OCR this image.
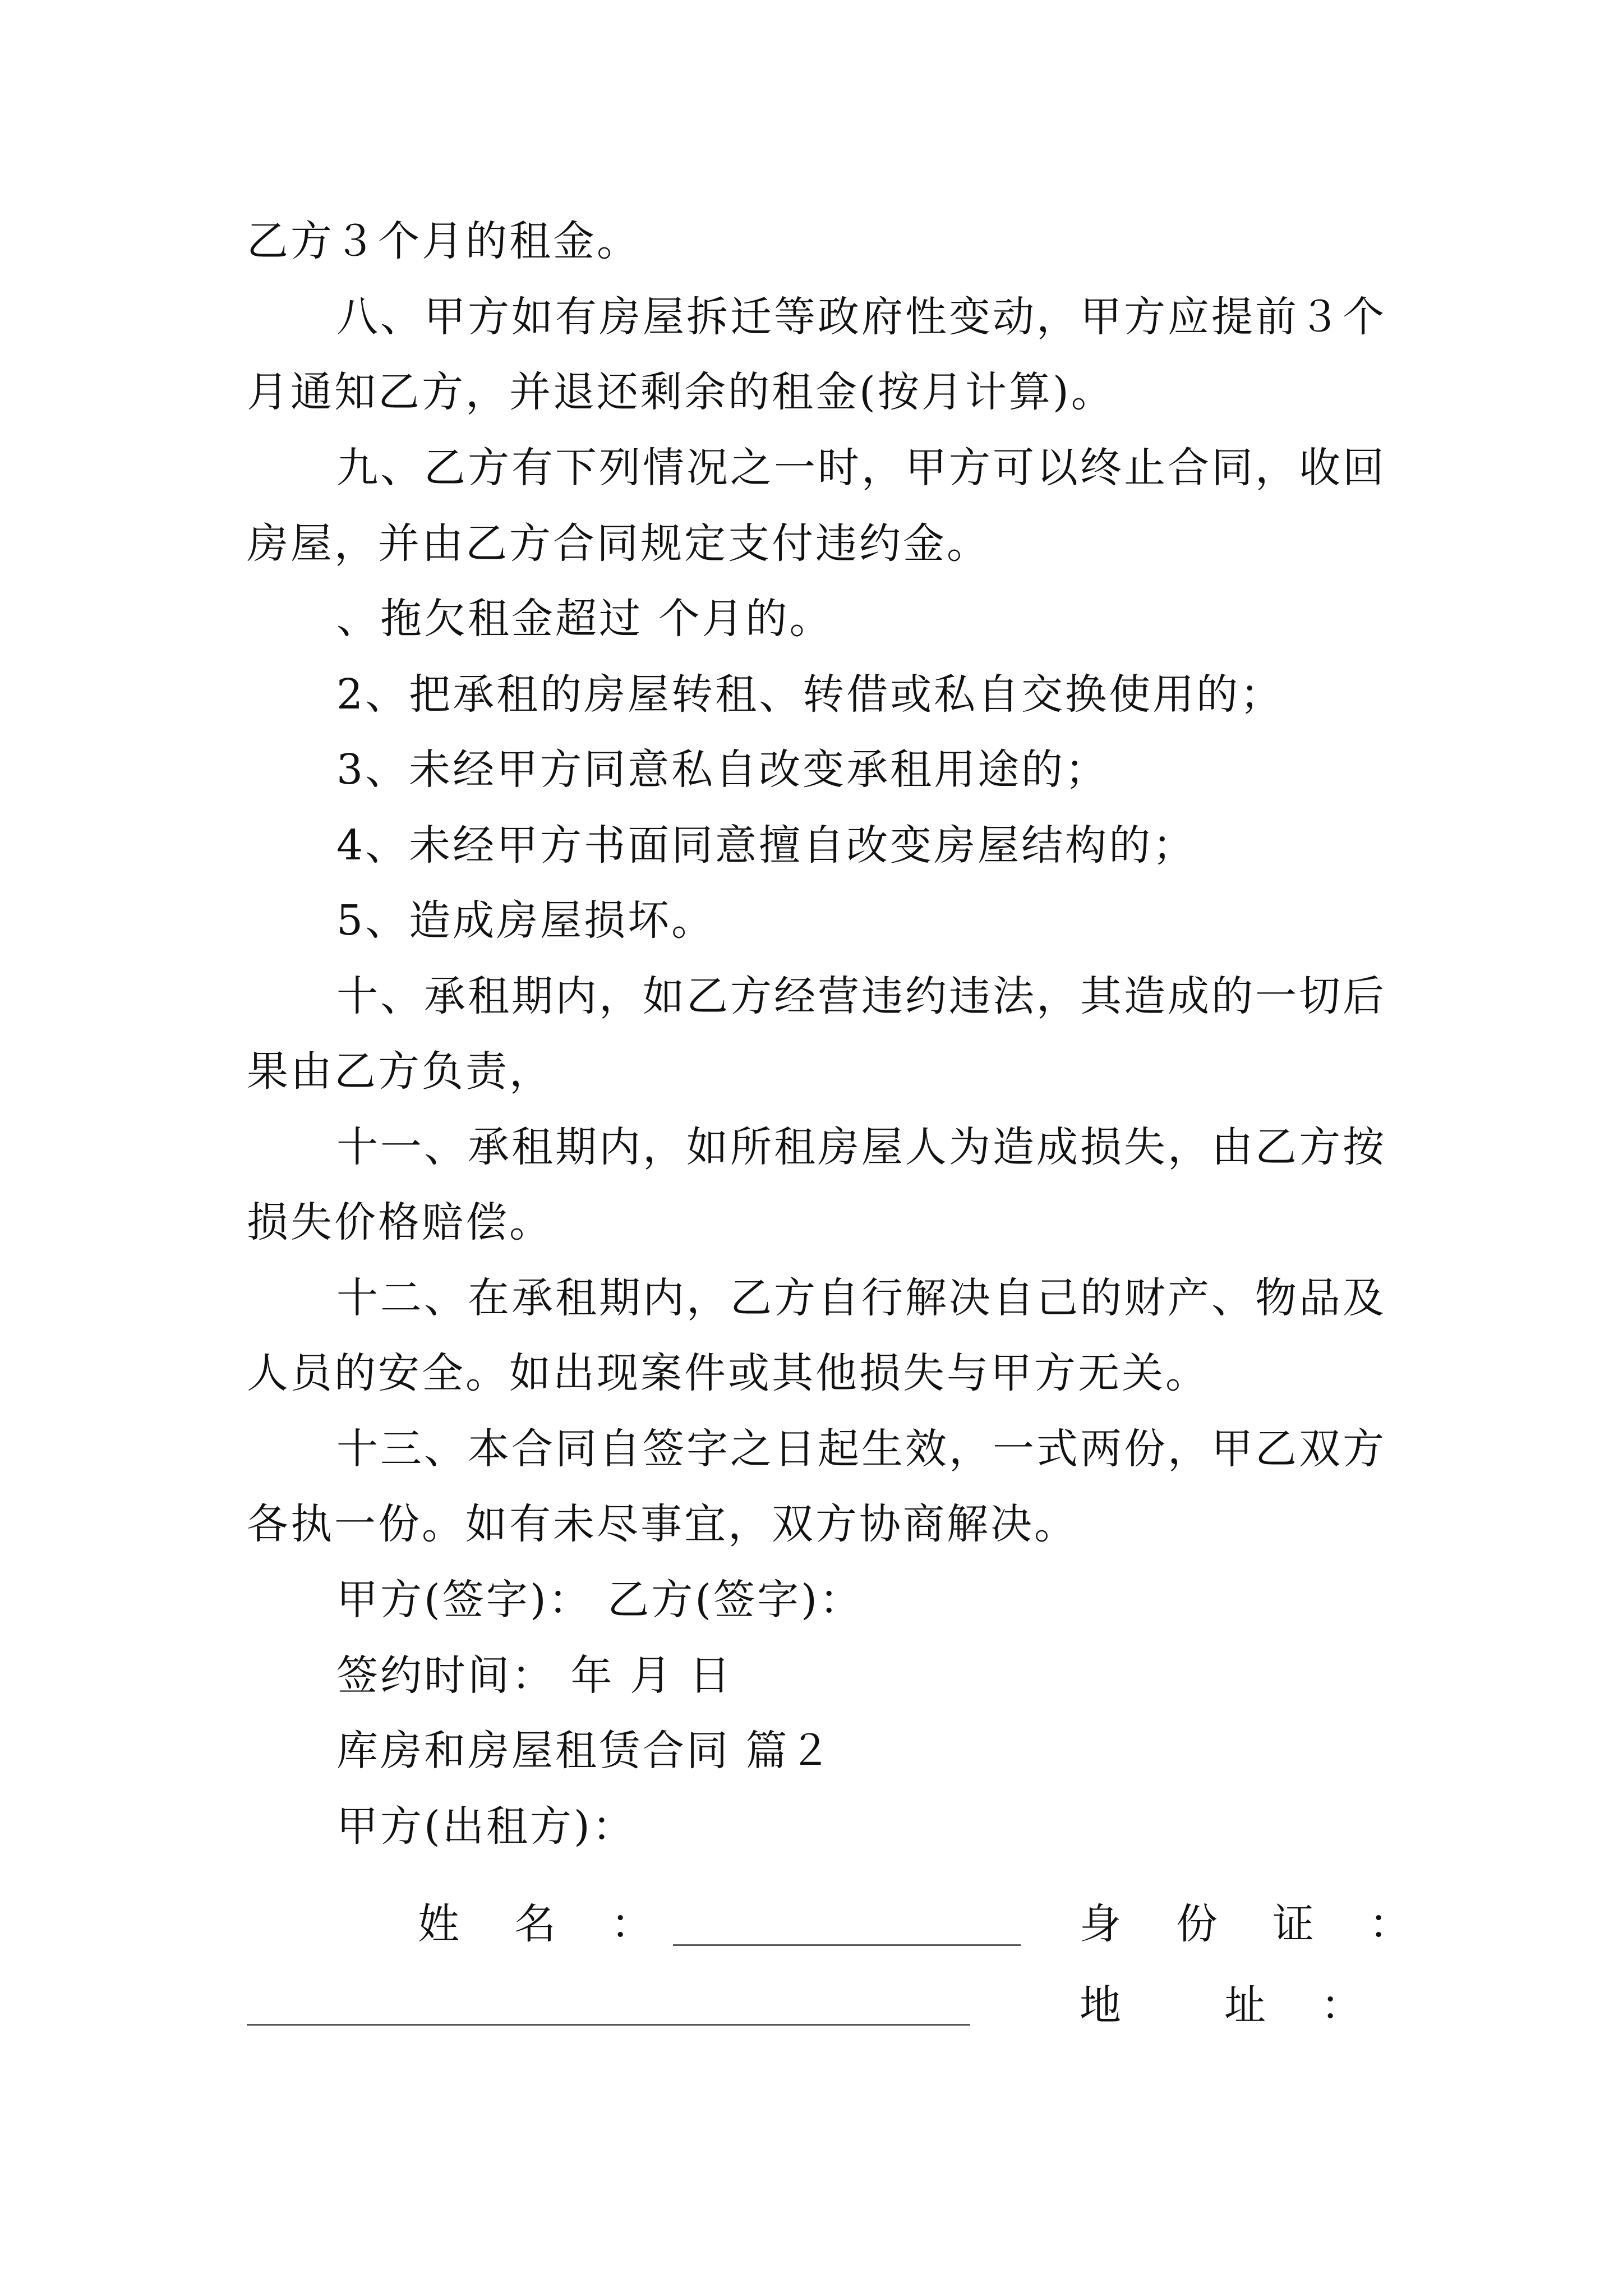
乙方３个月的租金。
八、甲方如有房屋拆迁等政府性变动，甲方应提前３个
月通知乙方，并退还剩余的租金(按月计算)。
九、乙方有下列情况之一时，甲方可以终止合同，收回
房屋，并由乙方合同规定支付违约金。
、拖欠租金超过 个月的。
2、把承租的房屋转租、转借或私自交换使用的；
3、未经甲方同意私自改变承租用途的；
4、未经甲方书面同意擅自改变房屋结构的；
5、造成房屋损坏。
十、承租期内，如乙方经营违约违法，其造成的一切后
果由乙方负责，
十一、承租期内，如所租房屋人为造成损失，由乙方按
损失价格赔偿。
十二、在承租期内，乙方自行解决自己的财产、物品及
人员的安全。如出现案件或其他损失与甲方无关。
十三、本合同自签字之日起生效，一式两份，甲乙双方
各执一份。如有未尽事宜，双方协商解决。
甲方(签字)： 乙方(签字)：
签约时间： 年 月 日
库房和房屋租赁合同 篇２
甲方(出租方)：
姓　名　：	身　份　证　：
地　　址　：
